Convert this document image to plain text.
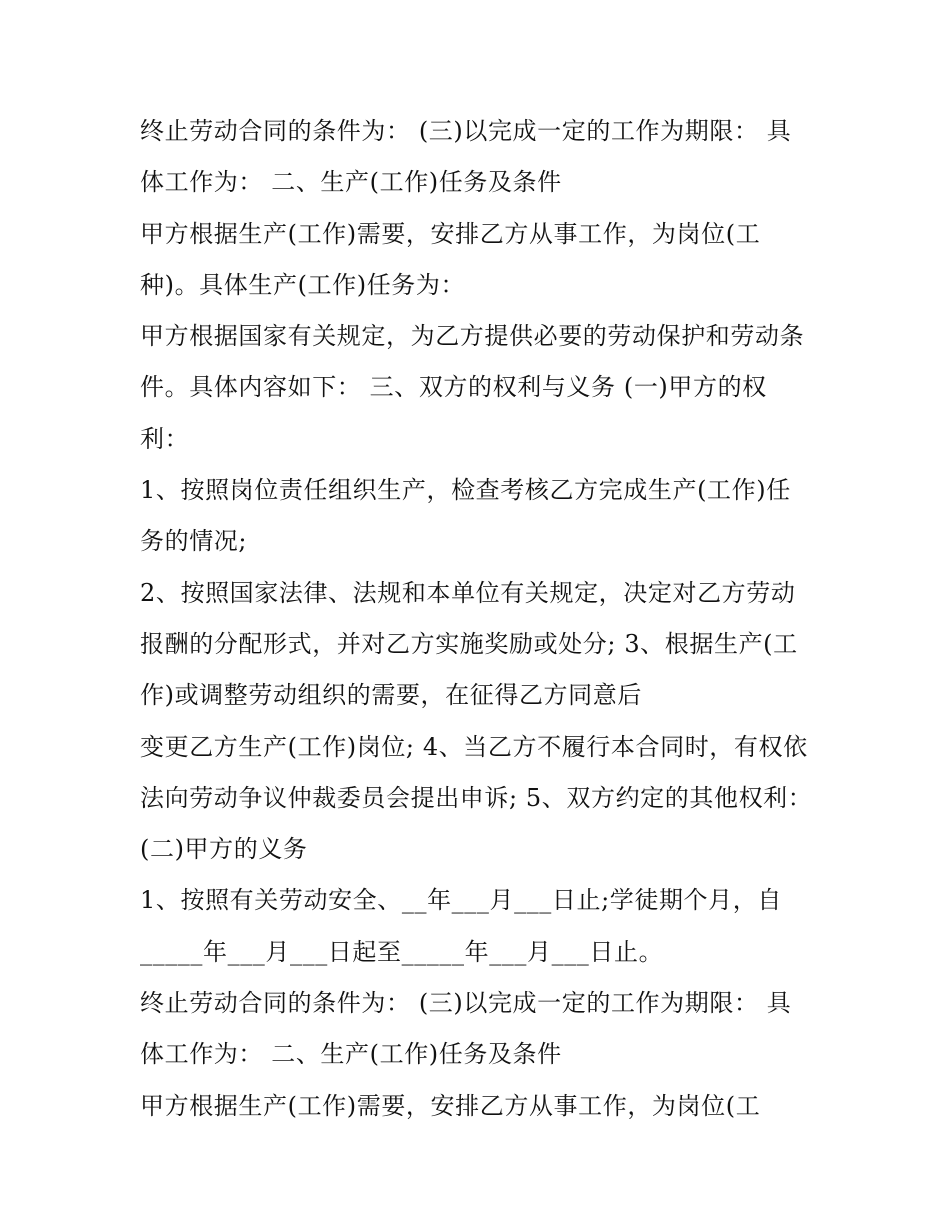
终止劳动合同的条件为： (三)以完成一定的工作为期限： 具
体工作为： 二、生产(工作)任务及条件
甲方根据生产(工作)需要，安排乙方从事工作，为岗位(工
种)。具体生产(工作)任务为：
甲方根据国家有关规定，为乙方提供必要的劳动保护和劳动条
件。具体内容如下： 三、双方的权利与义务 (一)甲方的权
利：
1、按照岗位责任组织生产，检查考核乙方完成生产(工作)任
务的情况;
2、按照国家法律、法规和本单位有关规定，决定对乙方劳动
报酬的分配形式，并对乙方实施奖励或处分; 3、根据生产(工
作)或调整劳动组织的需要，在征得乙方同意后
变更乙方生产(工作)岗位; 4、当乙方不履行本合同时，有权依
法向劳动争议仲裁委员会提出申诉; 5、双方约定的其他权利：
(二)甲方的义务
1、按照有关劳动安全、__年___月___日止;学徒期个月，自
_____年___月___日起至_____年___月___日止。
终止劳动合同的条件为： (三)以完成一定的工作为期限： 具
体工作为： 二、生产(工作)任务及条件
甲方根据生产(工作)需要，安排乙方从事工作，为岗位(工
